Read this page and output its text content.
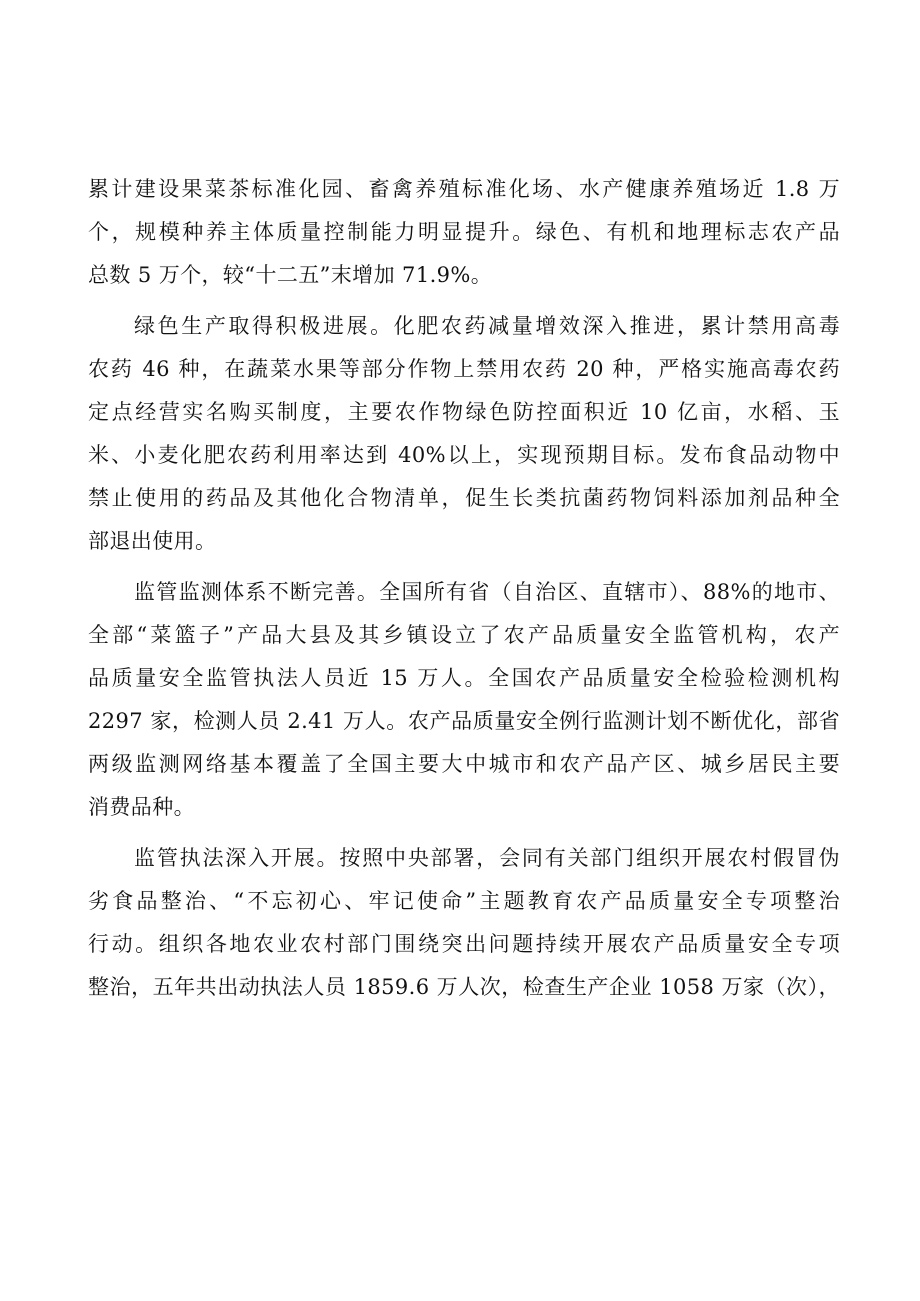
累计建设果菜茶标准化园、畜禽养殖标准化场、水产健康养殖场近 1.8 万
个，规模种养主体质量控制能力明显提升。绿色、有机和地理标志农产品
总数 5 万个，较“十二五”末增加 71.9%。
绿色生产取得积极进展。化肥农药减量增效深入推进，累计禁用高毒
农药 46 种，在蔬菜水果等部分作物上禁用农药 20 种，严格实施高毒农药
定点经营实名购买制度，主要农作物绿色防控面积近 10 亿亩，水稻、玉
米、小麦化肥农药利用率达到 40%以上，实现预期目标。发布食品动物中
禁止使用的药品及其他化合物清单，促生长类抗菌药物饲料添加剂品种全
部退出使用。
监管监测体系不断完善。全国所有省（自治区、直辖市）、88%的地市、
全部“菜篮子”产品大县及其乡镇设立了农产品质量安全监管机构，农产
品质量安全监管执法人员近 15 万人。全国农产品质量安全检验检测机构
2297 家，检测人员 2.41 万人。农产品质量安全例行监测计划不断优化，部省
两级监测网络基本覆盖了全国主要大中城市和农产品产区、城乡居民主要
消费品种。
监管执法深入开展。按照中央部署，会同有关部门组织开展农村假冒伪
劣食品整治、“不忘初心、牢记使命”主题教育农产品质量安全专项整治
行动。组织各地农业农村部门围绕突出问题持续开展农产品质量安全专项
整治，五年共出动执法人员 1859.6 万人次，检查生产企业 1058 万家（次），
